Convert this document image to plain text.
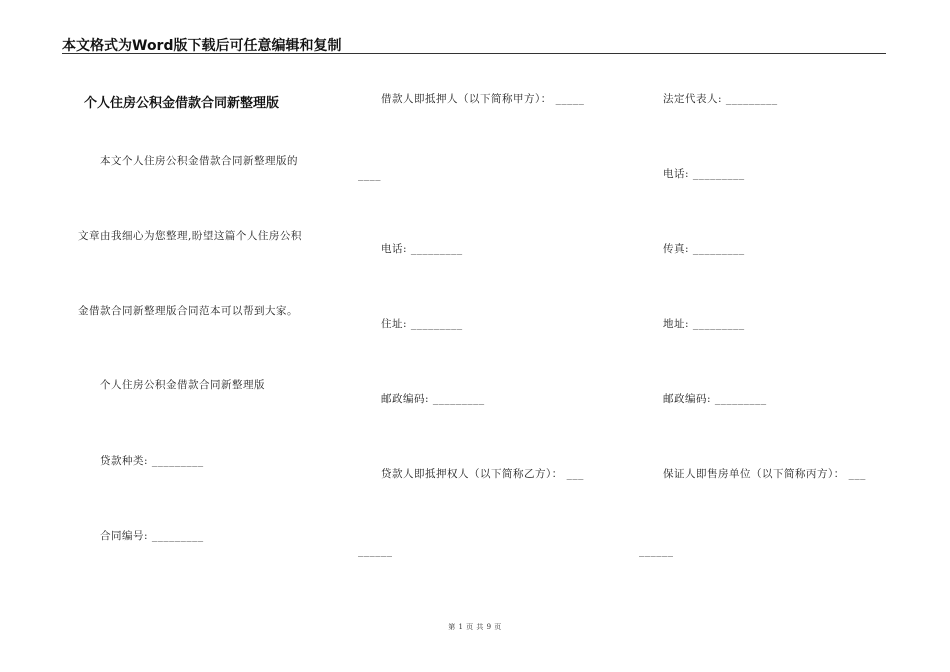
本文格式为Word版下载后可任意编辑和复制
个人住房公积金借款合同新整理版
本文个人住房公积金借款合同新整理版的
文章由我细心为您整理,盼望这篇个人住房公积
金借款合同新整理版合同范本可以帮到大家。
个人住房公积金借款合同新整理版
贷款种类: _________
合同编号: _________
借款人即抵押人（以下简称甲方）： _____
____
电话: _________
住址: _________
邮政编码: _________
贷款人即抵押权人（以下简称乙方）： ___
______
法定代表人: _________
电话: _________
传真: _________
地址: _________
邮政编码: _________
保证人即售房单位（以下简称丙方）： ___
______
第 1 页 共 9 页
